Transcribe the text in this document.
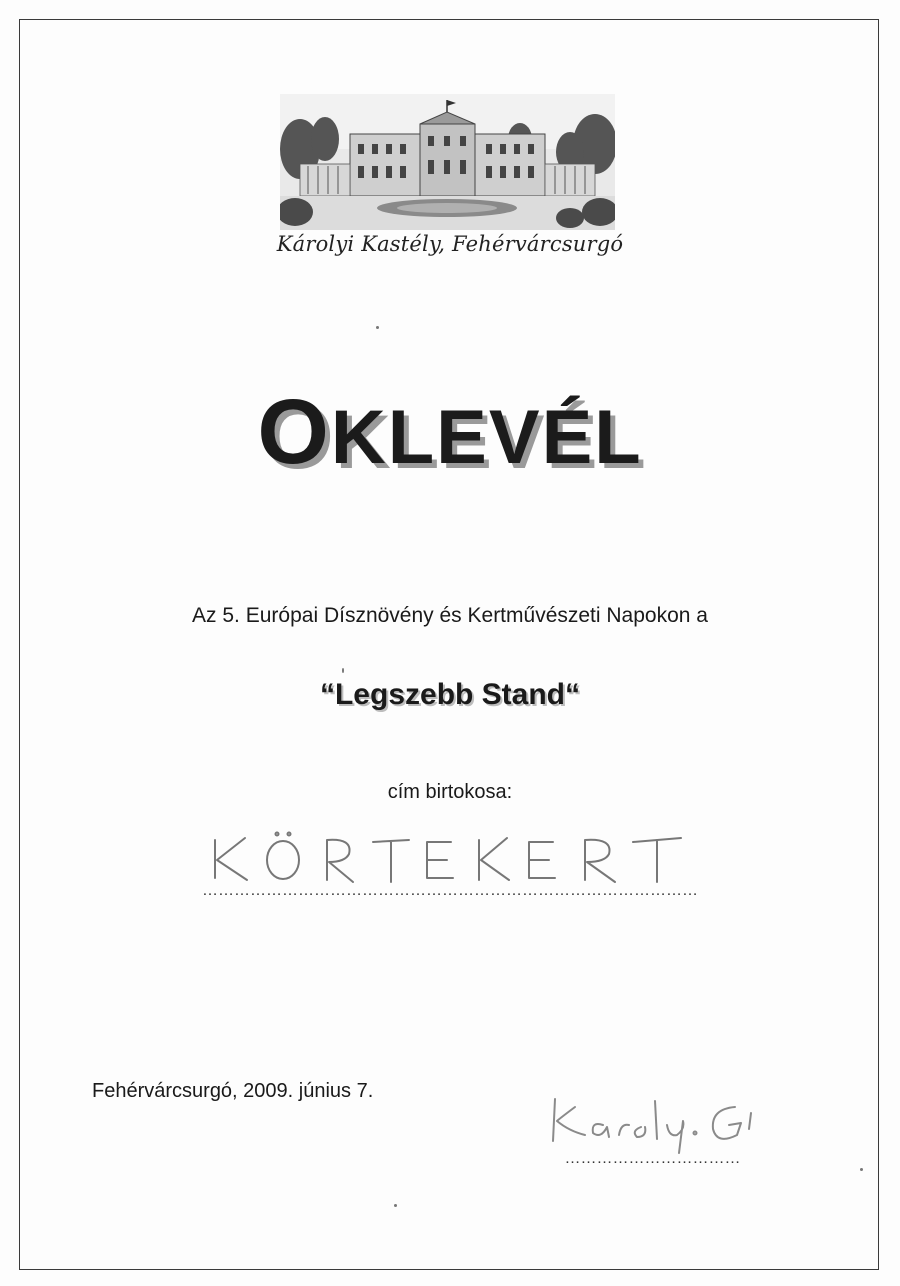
Károlyi Kastély, Fehérvárcsurgó
OKLEVÉL
Az 5. Európai Dísznövény és Kertművészeti Napokon a
“Legszebb Stand“
cím birtokosa:
…………………………………………………………………………………
Fehérvárcsurgó, 2009. június 7.
……………………………
